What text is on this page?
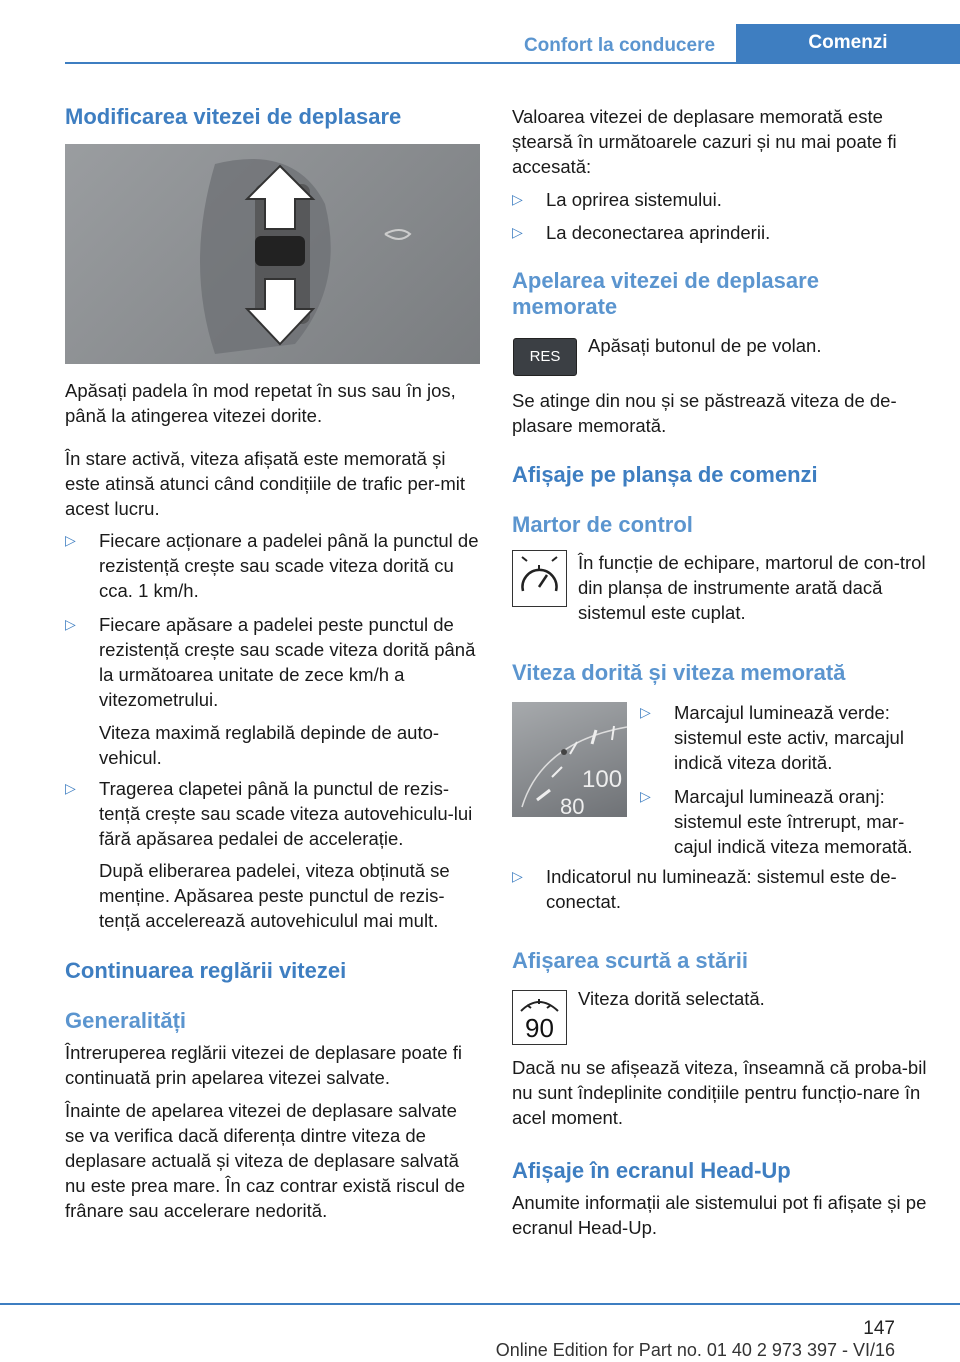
Confort la conducere	Comenzi
Modificarea vitezei de deplasare

Apăsați padela în mod repetat în sus sau în jos, până la atingerea vitezei dorite.

În stare activă, viteza afișată este memorată și este atinsă atunci când condițiile de trafic per‐mit acest lucru.

▷ Fiecare acționare a padelei până la punctul de rezistență crește sau scade viteza dorită cu cca. 1 km/h.
▷ Fiecare apăsare a padelei peste punctul de rezistență crește sau scade viteza dorită până la următoarea unitate de zece km/h a vitezometrului.
Viteza maximă reglabilă depinde de auto‐vehicul.
▷ Tragerea clapetei până la punctul de rezis‐tență crește sau scade viteza autovehiculu‐lui fără apăsarea pedalei de accelerație.
După eliberarea padelei, viteza obținută se menține. Apăsarea peste punctul de rezis‐tență accelerează autovehiculul mai mult.
Continuarea reglării vitezei
Generalități

Întreruperea reglării vitezei de deplasare poate fi continuată prin apelarea vitezei salvate.

Înainte de apelarea vitezei de deplasare salvate se va verifica dacă diferența dintre viteza de deplasare actuală și viteza de deplasare salvată nu este prea mare. În caz contrar există riscul de frânare sau accelerare nedorită.

Valoarea vitezei de deplasare memorată este ștearsă în următoarele cazuri și nu mai poate fi accesată:

▷ La oprirea sistemului.
▷ La deconectarea aprinderii.
Apelarea vitezei de deplasare memorate
RES

Apăsați butonul de pe volan.

Se atinge din nou și se păstrează viteza de de‐plasare memorată.

Afișaje pe planșa de comenzi
Martor de control

În funcție de echipare, martorul de con‐trol din planșa de instrumente arată dacă sistemul este cuplat.

Viteza dorită și viteza memorată
100
80
▷ Marcajul luminează verde: sistemul este activ, marcajul indică viteza dorită.
▷ Marcajul luminează oranj: sistemul este întrerupt, mar‐cajul indică viteza memorată.
▷ Indicatorul nu luminează: sistemul este de‐conectat.
Afișarea scurtă a stării
90

Viteza dorită selectată.

Dacă nu se afișează viteza, înseamnă că proba‐bil nu sunt îndeplinite condițiile pentru funcțio‐nare în acel moment.

Afișaje în ecranul Head-Up

Anumite informații ale sistemului pot fi afișate și pe ecranul Head-Up.

147
Online Edition for Part no. 01 40 2 973 397 - VI/16
